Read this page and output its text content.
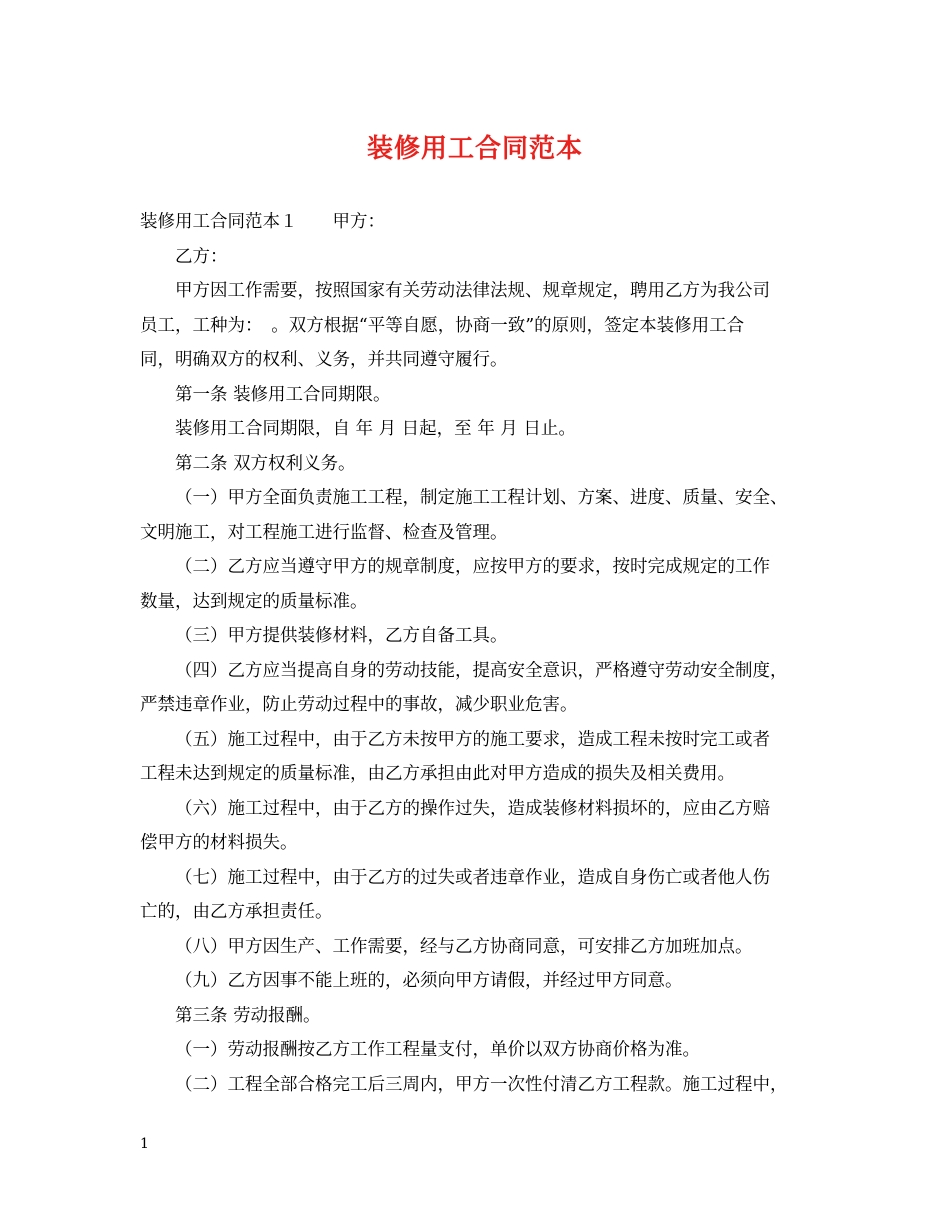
装修用工合同范本

装修用工合同范本１　　甲方：

乙方：

甲方因工作需要，按照国家有关劳动法律法规、规章规定，聘用乙方为我公司

员工，工种为：　。双方根据“平等自愿，协商一致”的原则，签定本装修用工合

同，明确双方的权利、义务，并共同遵守履行。

第一条 装修用工合同期限。

装修用工合同期限，自 年 月 日起，至 年 月 日止。

第二条 双方权利义务。

（一）甲方全面负责施工工程，制定施工工程计划、方案、进度、质量、安全、

文明施工，对工程施工进行监督、检查及管理。

（二）乙方应当遵守甲方的规章制度，应按甲方的要求，按时完成规定的工作

数量，达到规定的质量标准。

（三）甲方提供装修材料，乙方自备工具。

（四）乙方应当提高自身的劳动技能，提高安全意识，严格遵守劳动安全制度，

严禁违章作业，防止劳动过程中的事故，减少职业危害。

（五）施工过程中，由于乙方未按甲方的施工要求，造成工程未按时完工或者

工程未达到规定的质量标准，由乙方承担由此对甲方造成的损失及相关费用。

（六）施工过程中，由于乙方的操作过失，造成装修材料损坏的，应由乙方赔

偿甲方的材料损失。

（七）施工过程中，由于乙方的过失或者违章作业，造成自身伤亡或者他人伤

亡的，由乙方承担责任。

（八）甲方因生产、工作需要，经与乙方协商同意，可安排乙方加班加点。

（九）乙方因事不能上班的，必须向甲方请假，并经过甲方同意。

第三条 劳动报酬。

（一）劳动报酬按乙方工作工程量支付，单价以双方协商价格为准。

（二）工程全部合格完工后三周内，甲方一次性付清乙方工程款。施工过程中，

1
